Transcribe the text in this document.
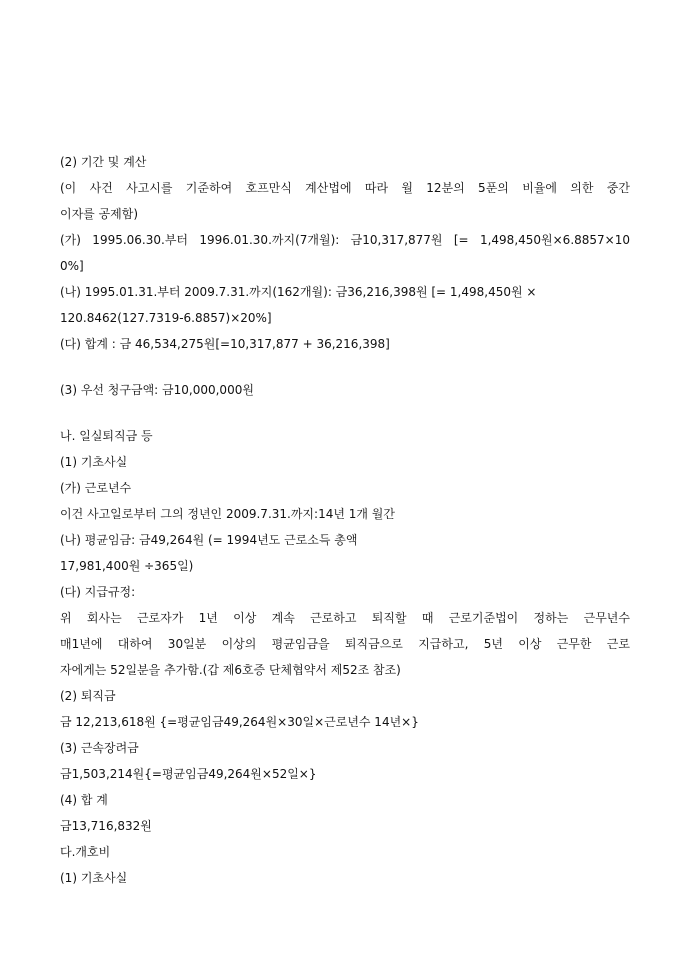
(2) 기간 및 계산
(이 사건 사고시를 기준하여 호프만식 계산법에 따라 월 12분의 5푼의 비율에 의한 중간
이자를 공제함)
(가) 1995.06.30.부터 1996.01.30.까지(7개월): 금10,317,877원 [= 1,498,450원×6.8857×10
0%]
(나) 1995.01.31.부터 2009.7.31.까지(162개월): 금36,216,398원 [= 1,498,450원 ×
120.8462(127.7319-6.8857)×20%]
(다) 합계 : 금 46,534,275원[=10,317,877 + 36,216,398]
(3) 우선 청구금액: 금10,000,000원
나. 일실퇴직금 등
(1) 기초사실
(가) 근로년수
이건 사고일로부터 그의 정년인 2009.7.31.까지:14년 1개 월간
(나) 평균임금: 금49,264원 (= 1994년도 근로소득 총액
17,981,400원 ÷365일)
(다) 지급규정:
위 회사는 근로자가 1년 이상 계속 근로하고 퇴직할 때 근로기준법이 정하는 근무년수
매1년에 대하여 30일분 이상의 평균임금을 퇴직금으로 지급하고, 5년 이상 근무한 근로
자에게는 52일분을 추가함.(갑 제6호증 단체협약서 제52조 참조)
(2) 퇴직금
금 12,213,618원 {=평균임금49,264원×30일×근로년수 14년×}
(3) 근속장려금
금1,503,214원{=평균임금49,264원×52일×}
(4) 합 계
금13,716,832원
다.개호비
(1) 기초사실
